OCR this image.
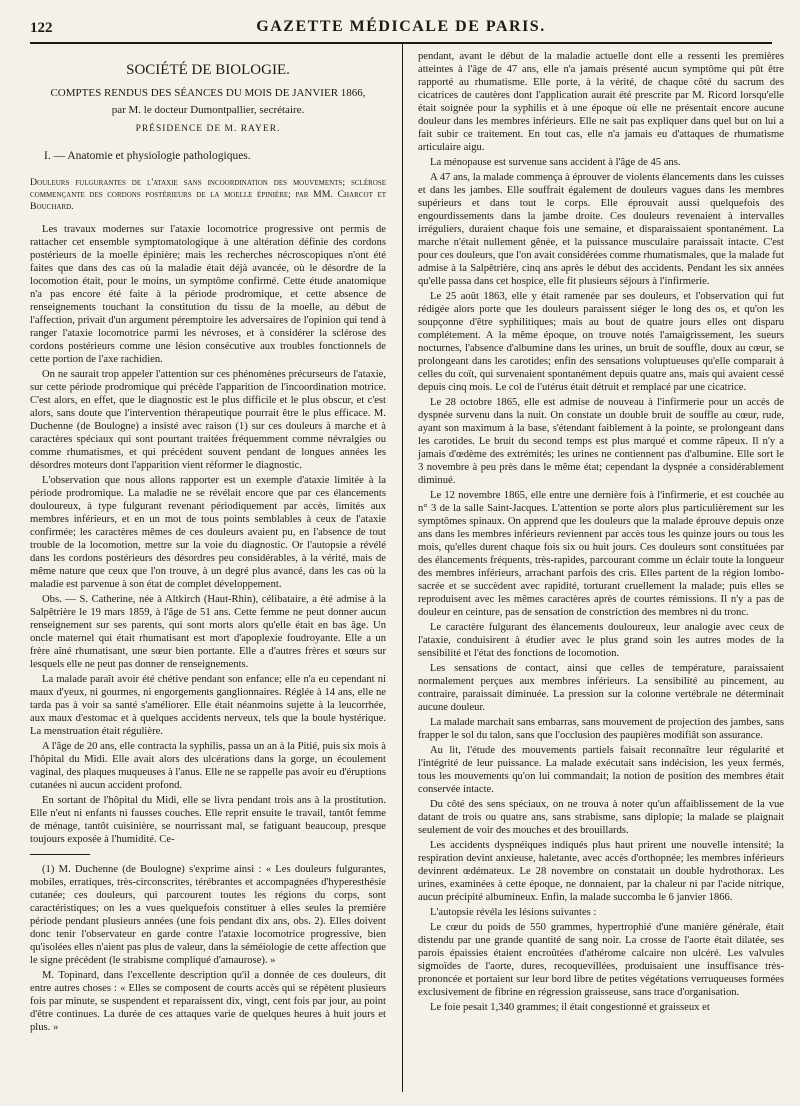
122	GAZETTE MÉDICALE DE PARIS.

SOCIÉTÉ DE BIOLOGIE.

COMPTES RENDUS DES SÉANCES DU MOIS DE JANVIER 1866,

par M. le docteur Dumontpallier, secrétaire.

PRÉSIDENCE DE M. RAYER.

I. — Anatomie et physiologie pathologiques.

Douleurs fulgurantes de l'ataxie sans incoordination des mouvements; sclérose commençante des cordons postérieurs de la moelle épinière; par MM. Charcot et Bouchard.

Les travaux modernes sur l'ataxie locomotrice progressive ont permis de rattacher cet ensemble symptomatologique à une altération définie des cordons postérieurs de la moelle épinière; mais les recherches nécroscopiques n'ont été faites que dans des cas où la maladie était déjà avancée, où le désordre de la locomotion était, pour le moins, un symptôme confirmé. Cette étude anatomique n'a pas encore été faite à la période prodromique, et cette absence de renseignements touchant la constitution du tissu de la moelle, au début de l'affection, privait d'un argument péremptoire les adversaires de l'opinion qui tend à ranger l'ataxie locomotrice parmi les névroses, et à considérer la sclérose des cordons postérieurs comme une lésion consécutive aux troubles fonctionnels de cette portion de l'axe rachidien.

On ne saurait trop appeler l'attention sur ces phénomènes précurseurs de l'ataxie, sur cette période prodromique qui précède l'apparition de l'incoordination motrice. C'est alors, en effet, que le diagnostic est le plus difficile et le plus obscur, et c'est alors, sans doute que l'intervention thérapeutique pourrait être le plus efficace. M. Duchenne (de Boulogne) a insisté avec raison (1) sur ces douleurs à marche et à caractères spéciaux qui sont pourtant traitées fréquemment comme névralgies ou comme rhumatismes, et qui précèdent souvent pendant de longues années les désordres moteurs dont l'apparition vient réformer le diagnostic.

L'observation que nous allons rapporter est un exemple d'ataxie limitée à la période prodromique. La maladie ne se révélait encore que par ces élancements douloureux, à type fulgurant revenant périodiquement par accès, limités aux membres inférieurs, et en un mot de tous points semblables à ceux de l'ataxie confirmée; les caractères mêmes de ces douleurs avaient pu, en l'absence de tout trouble de la locomotion, mettre sur la voie du diagnostic. Or l'autopsie a révélé dans les cordons postérieurs des désordres peu considérables, à la vérité, mais de même nature que ceux que l'on trouve, à un degré plus avancé, dans les cas où la maladie est parvenue à son état de complet développement.

Obs. — S. Catherine, née à Altkirch (Haut-Rhin), célibataire, a été admise à la Salpêtrière le 19 mars 1859, à l'âge de 51 ans. Cette femme ne peut donner aucun renseignement sur ses parents, qui sont morts alors qu'elle était en bas âge. Un oncle maternel qui était rhumatisant est mort d'apoplexie foudroyante. Elle a un frère aîné rhumatisant, une sœur bien portante. Elle a d'autres frères et sœurs sur lesquels elle ne peut pas donner de renseignements.

La malade paraît avoir été chétive pendant son enfance; elle n'a eu cependant ni maux d'yeux, ni gourmes, ni engorgements ganglionnaires. Réglée à 14 ans, elle ne tarda pas à voir sa santé s'améliorer. Elle était néanmoins sujette à la leucorrhée, aux maux d'estomac et à quelques accidents nerveux, tels que la boule hystérique. La menstruation était régulière.

A l'âge de 20 ans, elle contracta la syphilis, passa un an à la Pitié, puis six mois à l'hôpital du Midi. Elle avait alors des ulcérations dans la gorge, un écoulement vaginal, des plaques muqueuses à l'anus. Elle ne se rappelle pas avoir eu d'éruptions cutanées ni aucun accident profond.

En sortant de l'hôpital du Midi, elle se livra pendant trois ans à la prostitution. Elle n'eut ni enfants ni fausses couches. Elle reprit ensuite le travail, tantôt femme de ménage, tantôt cuisinière, se nourrissant mal, se fatiguant beaucoup, presque toujours exposée à l'humidité. Ce-

(1) M. Duchenne (de Boulogne) s'exprime ainsi : « Les douleurs fulgurantes, mobiles, erratiques, très-circonscrites, térébrantes et accompagnées d'hyperesthésie cutanée; ces douleurs, qui parcourent toutes les régions du corps, sont caractéristiques; on les a vues quelquefois constituer à elles seules la première période pendant plusieurs années (une fois pendant dix ans, obs. 2). Elles doivent donc tenir l'observateur en garde contre l'ataxie locomotrice progressive, bien qu'isolées elles n'aient pas plus de valeur, dans la séméiologie de cette affection que le signe précédent (le strabisme compliqué d'amaurose). »

M. Topinard, dans l'excellente description qu'il a donnée de ces douleurs, dit entre autres choses : « Elles se composent de courts accès qui se répètent plusieurs fois par minute, se suspendent et reparaissent dix, vingt, cent fois par jour, au point d'être continues. La durée de ces attaques varie de quelques heures à huit jours et plus. »

pendant, avant le début de la maladie actuelle dont elle a ressenti les premières atteintes à l'âge de 47 ans, elle n'a jamais présenté aucun symptôme qui pût être rapporté au rhumatisme. Elle porte, à la vérité, de chaque côté du sacrum des cicatrices de cautères dont l'application aurait été prescrite par M. Ricord lorsqu'elle était soignée pour la syphilis et à une époque où elle ne présentait encore aucune douleur dans les membres inférieurs. Elle ne sait pas expliquer dans quel but on lui a fait subir ce traitement. En tout cas, elle n'a jamais eu d'attaques de rhumatisme articulaire aigu.

La ménopause est survenue sans accident à l'âge de 45 ans.

A 47 ans, la malade commença à éprouver de violents élancements dans les cuisses et dans les jambes. Elle souffrait également de douleurs vagues dans les membres supérieurs et dans tout le corps. Elle éprouvait aussi quelquefois des engourdissements dans la jambe droite. Ces douleurs revenaient à intervalles irréguliers, duraient chaque fois une semaine, et disparaissaient spontanément. La marche n'était nullement gênée, et la puissance musculaire paraissait intacte. C'est pour ces douleurs, que l'on avait considérées comme rhumatismales, que la malade fut admise à la Salpêtrière, cinq ans après le début des accidents. Pendant les six années qu'elle passa dans cet hospice, elle fit plusieurs séjours à l'infirmerie.

Le 25 août 1863, elle y était ramenée par ses douleurs, et l'observation qui fut rédigée alors porte que les douleurs paraissent siéger le long des os, et qu'on les soupçonne d'être syphilitiques; mais au bout de quatre jours elles ont disparu complétement. A la même époque, on trouve notés l'amaigrissement, les sueurs nocturnes, l'absence d'albumine dans les urines, un bruit de souffle, doux au cœur, se prolongeant dans les carotides; enfin des sensations voluptueuses qu'elle comparait à celles du coït, qui survenaient spontanément depuis quatre ans, mais qui avaient cessé depuis cinq mois. Le col de l'utérus était détruit et remplacé par une cicatrice.

Le 28 octobre 1865, elle est admise de nouveau à l'infirmerie pour un accès de dyspnée survenu dans la nuit. On constate un double bruit de souffle au cœur, rude, ayant son maximum à la base, s'étendant faiblement à la pointe, se prolongeant dans les carotides. Le bruit du second temps est plus marqué et comme râpeux. Il n'y a jamais d'œdème des extrémités; les urines ne contiennent pas d'albumine. Elle sort le 3 novembre à peu près dans le même état; cependant la dyspnée a considérablement diminué.

Le 12 novembre 1865, elle entre une dernière fois à l'infirmerie, et est couchée au n° 3 de la salle Saint-Jacques. L'attention se porte alors plus particulièrement sur les symptômes spinaux. On apprend que les douleurs que la malade éprouve depuis onze ans dans les membres inférieurs reviennent par accès tous les quinze jours ou tous les mois, qu'elles durent chaque fois six ou huit jours. Ces douleurs sont constituées par des élancements fréquents, très-rapides, parcourant comme un éclair toute la longueur des membres inférieurs, arrachant parfois des cris. Elles partent de la région lombo-sacrée et se succèdent avec rapidité, torturant cruellement la malade; puis elles se reproduisent avec les mêmes caractères après de courtes rémissions. Il n'y a pas de douleur en ceinture, pas de sensation de constriction des membres ni du tronc.

Le caractère fulgurant des élancements douloureux, leur analogie avec ceux de l'ataxie, conduisirent à étudier avec le plus grand soin les autres modes de la sensibilité et l'état des fonctions de locomotion.

Les sensations de contact, ainsi que celles de température, paraissaient normalement perçues aux membres inférieurs. La sensibilité au pincement, au contraire, paraissait diminuée. La pression sur la colonne vertébrale ne déterminait aucune douleur.

La malade marchait sans embarras, sans mouvement de projection des jambes, sans frapper le sol du talon, sans que l'occlusion des paupières modifiât son assurance.

Au lit, l'étude des mouvements partiels faisait reconnaître leur régularité et l'intégrité de leur puissance. La malade exécutait sans indécision, les yeux fermés, tous les mouvements qu'on lui commandait; la notion de position des membres était conservée intacte.

Du côté des sens spéciaux, on ne trouva à noter qu'un affaiblissement de la vue datant de trois ou quatre ans, sans strabisme, sans diplopie; la malade se plaignait seulement de voir des mouches et des brouillards.

Les accidents dyspnéiques indiqués plus haut prirent une nouvelle intensité; la respiration devint anxieuse, haletante, avec accès d'orthopnée; les membres inférieurs devinrent œdémateux. Le 28 novembre on constatait un double hydrothorax. Les urines, examinées à cette époque, ne donnaient, par la chaleur ni par l'acide nitrique, aucun précipité albumineux. Enfin, la malade succomba le 6 janvier 1866.

L'autopsie révéla les lésions suivantes :

Le cœur du poids de 550 grammes, hypertrophié d'une manière générale, était distendu par une grande quantité de sang noir. La crosse de l'aorte était dilatée, ses parois épaissies étaient encroûtées d'athérome calcaire non ulcéré. Les valvules sigmoïdes de l'aorte, dures, recoquevillées, produisaient une insuffisance très-prononcée et portaient sur leur bord libre de petites végétations verruqueuses formées exclusivement de fibrine en régression graisseuse, sans trace d'organisation.

Le foie pesait 1,340 grammes; il était congestionné et graisseux et
